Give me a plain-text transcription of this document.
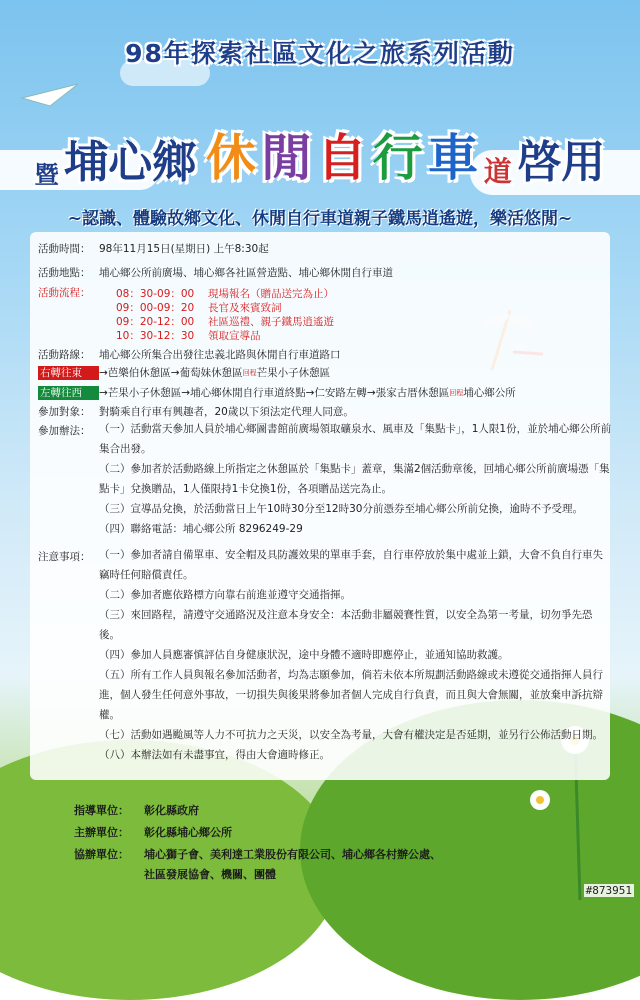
98年探索社區文化之旅系列活動
暨 埔心鄉 休 閒 自 行 車 道 啓用
~認識、體驗故鄉文化、休閒自行車道親子鐵馬逍遙遊，樂活悠閒~
活動時間： 98年11月15日(星期日) 上午8:30起
活動地點： 埔心鄉公所前廣場、埔心鄉各社區營造點、埔心鄉休閒自行車道
活動流程：	08：30-09：00 現場報名（贈品送完為止）
09：00-09：20 長官及來賓致詞
09：20-12：00 社區巡禮、親子鐵馬逍遙遊
10：30-12：30 領取宣導品
活動路線： 埔心鄉公所集合出發往忠義北路與休閒自行車道路口
右轉往東 →芭樂伯休憩區→葡萄妹休憩區$^{回程}$芒果小子休憩區
左轉往西 →芒果小子休憩區→埔心鄉休閒自行車道終點→仁安路左轉→張家古厝休憩區$^{回程}$埔心鄉公所
參加對象： 對騎乘自行車有興趣者，20歲以下須法定代理人同意。
參加辦法： （一）活動當天參加人員於埔心鄉圖書館前廣場領取礦泉水、風車及「集點卡」，1人限1份，並於埔心鄉公所前集合出發。

（二）參加者於活動路線上所指定之休憩區於「集點卡」蓋章，集滿2個活動章後，回埔心鄉公所前廣場憑「集點卡」兌換贈品，1人僅限持1卡兌換1份，各項贈品送完為止。

（三）宣導品兌換，於活動當日上午10時30分至12時30分前憑券至埔心鄉公所前兌換，逾時不予受理。

（四）聯絡電話：埔心鄉公所 8296249-29

注意事項： （一）參加者請自備單車、安全帽及具防護效果的單車手套，自行車停放於集中處並上鎖，大會不負自行車失竊時任何賠償責任。

（二）參加者應依路標方向靠右前進並遵守交通指揮。

（三）來回路程，請遵守交通路況及注意本身安全：本活動非屬競賽性質，以安全為第一考量，切勿爭先恐後。

（四）參加人員應審慎評估自身健康狀況，途中身體不適時即應停止，並通知協助救護。

（五）所有工作人員與報名參加活動者，均為志願參加，倘若未依本所規劃活動路線或未遵從交通指揮人員行進，個人發生任何意外事故，一切損失與後果將參加者個人完成自行負責，而且與大會無關，並放棄申訴抗辯權。

（七）活動如遇颱風等人力不可抗力之天災，以安全為考量，大會有權決定是否延期，並另行公佈活動日期。

（八）本辦法如有未盡事宜，得由大會適時修正。

指導單位： 彰化縣政府
主辦單位： 彰化縣埔心鄉公所
協辦單位： 埔心獅子會、美利達工業股份有限公司、埔心鄉各村辦公處、
社區發展協會、機關、團體
#873951
